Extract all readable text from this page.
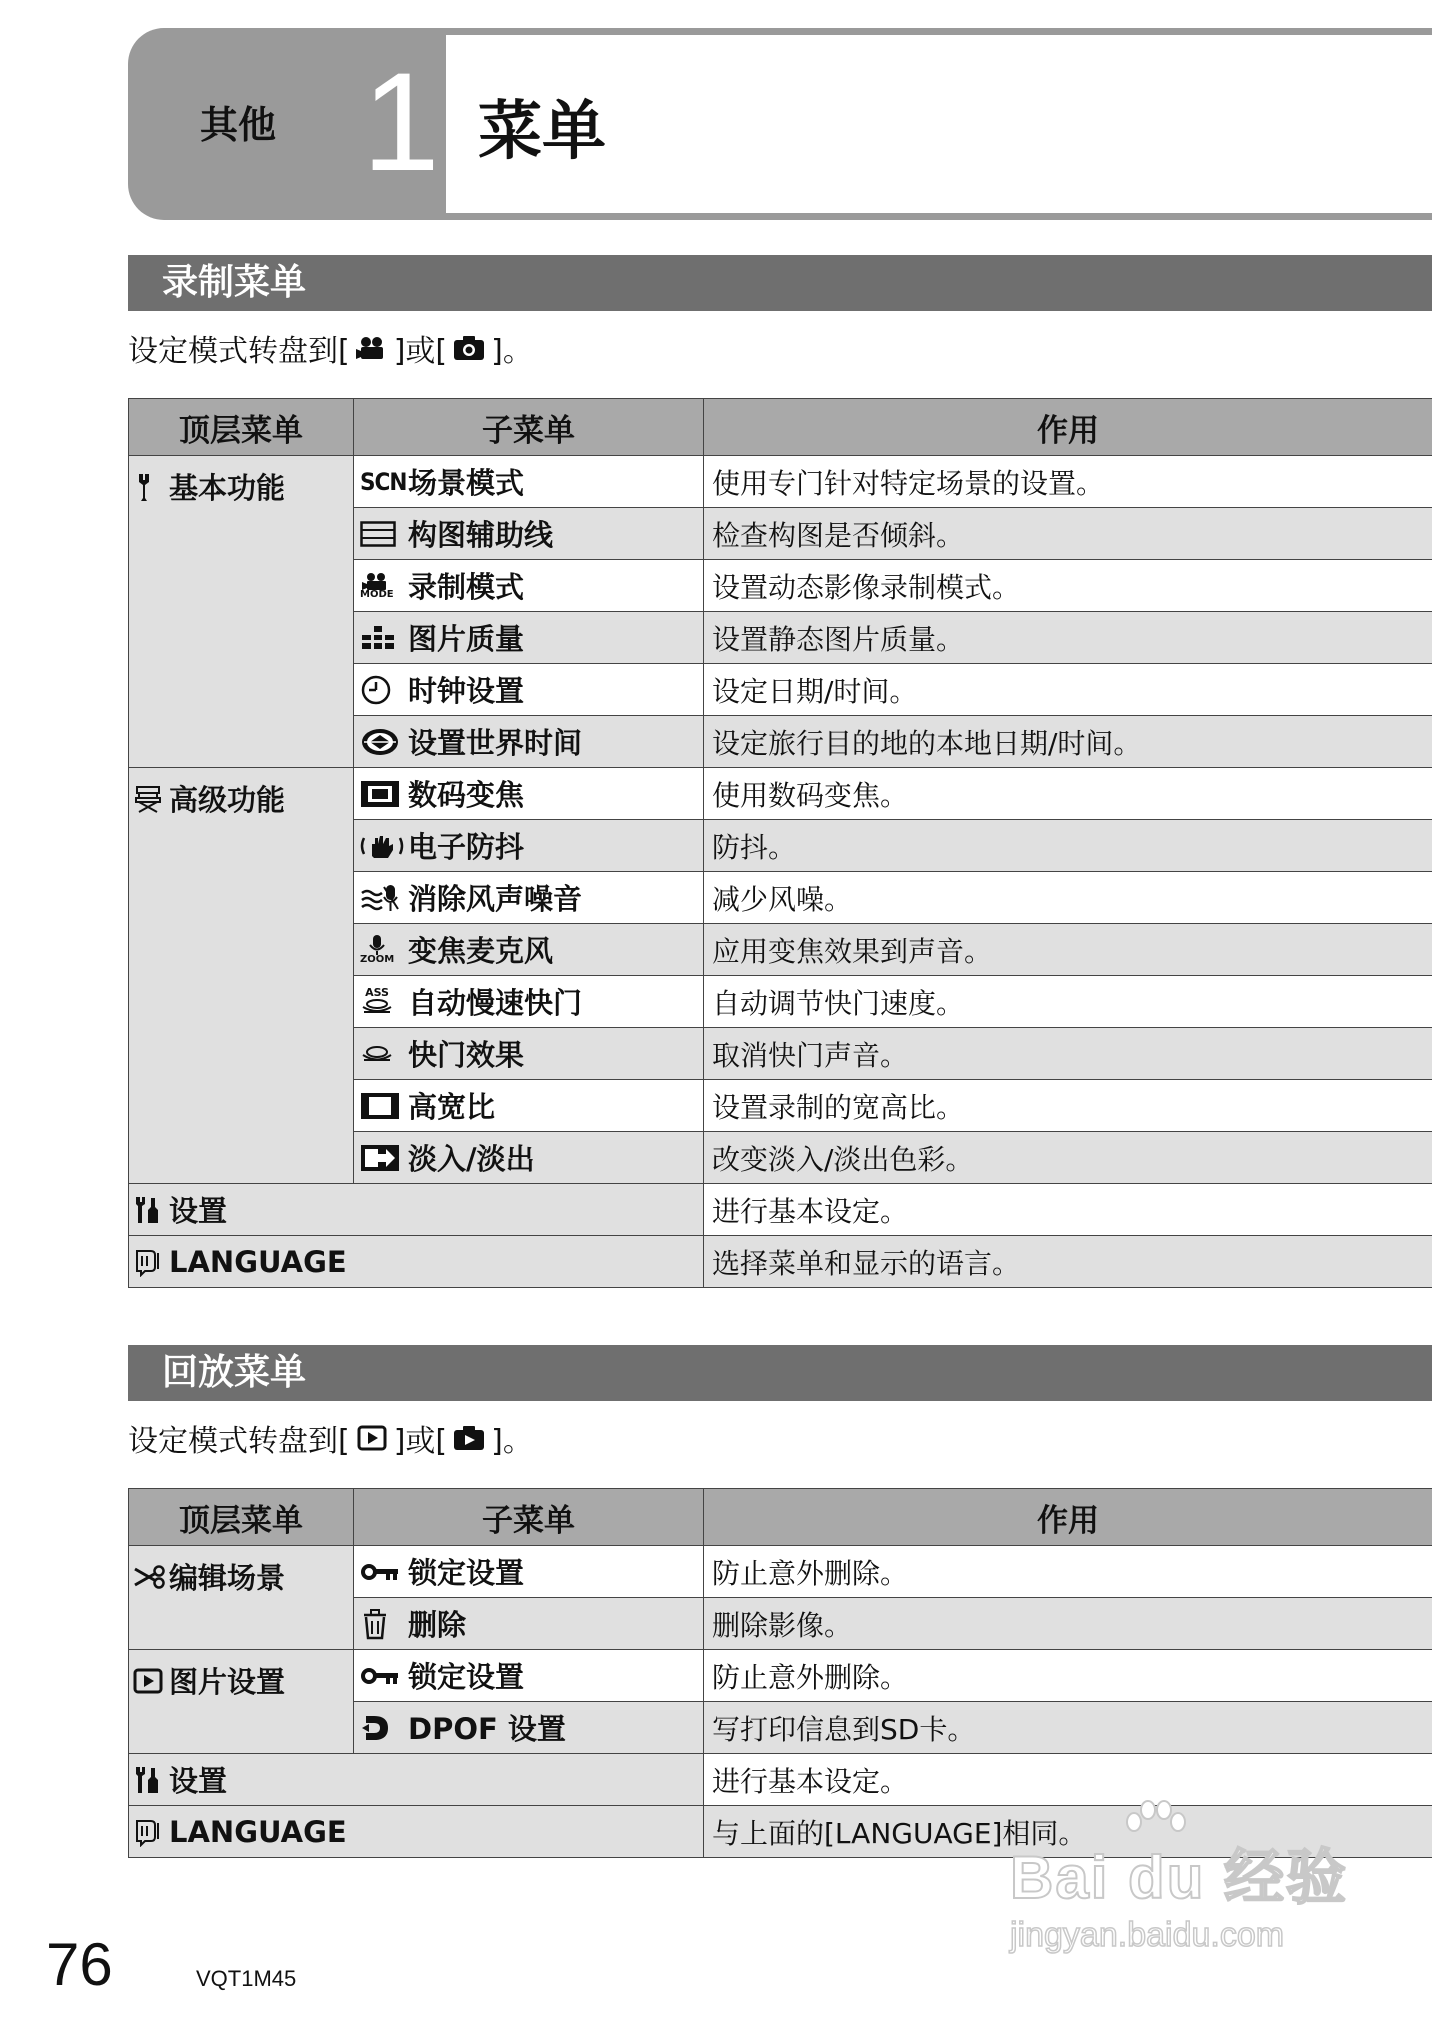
其他 1 菜单
录制菜单
设定模式转盘到[ ]或[ ]。
顶层菜单	子菜单	作用

基本功能	SCN 场景模式	使用专门针对特定场景的设置。

	构图辅助线	检查构图是否倾斜。

	MODE 录制模式	设置动态影像录制模式。

	图片质量	设置静态图片质量。

	时钟设置	设定日期/时间。

	设置世界时间	设定旅行目的地的本地日期/时间。

高级功能	数码变焦	使用数码变焦。

	电子防抖	防抖。

	消除风声噪音	减少风噪。

	ZOOM 变焦麦克风	应用变焦效果到声音。

	ASS 自动慢速快门	自动调节快门速度。

	快门效果	取消快门声音。

	高宽比	设置录制的宽高比。

	淡入/淡出	改变淡入/淡出色彩。

设置		进行基本设定。

LANGUAGE		选择菜单和显示的语言。
回放菜单
设定模式转盘到[ ]或[ ]。
顶层菜单	子菜单	作用

编辑场景	锁定设置	防止意外删除。

	删除	删除影像。

图片设置	锁定设置	防止意外删除。

	DPOF 设置	写打印信息到SD卡。

设置		进行基本设定。

LANGUAGE		与上面的[LANGUAGE]相同。
76	VQT1M45
Bai du 经验
jingyan.baidu.com
